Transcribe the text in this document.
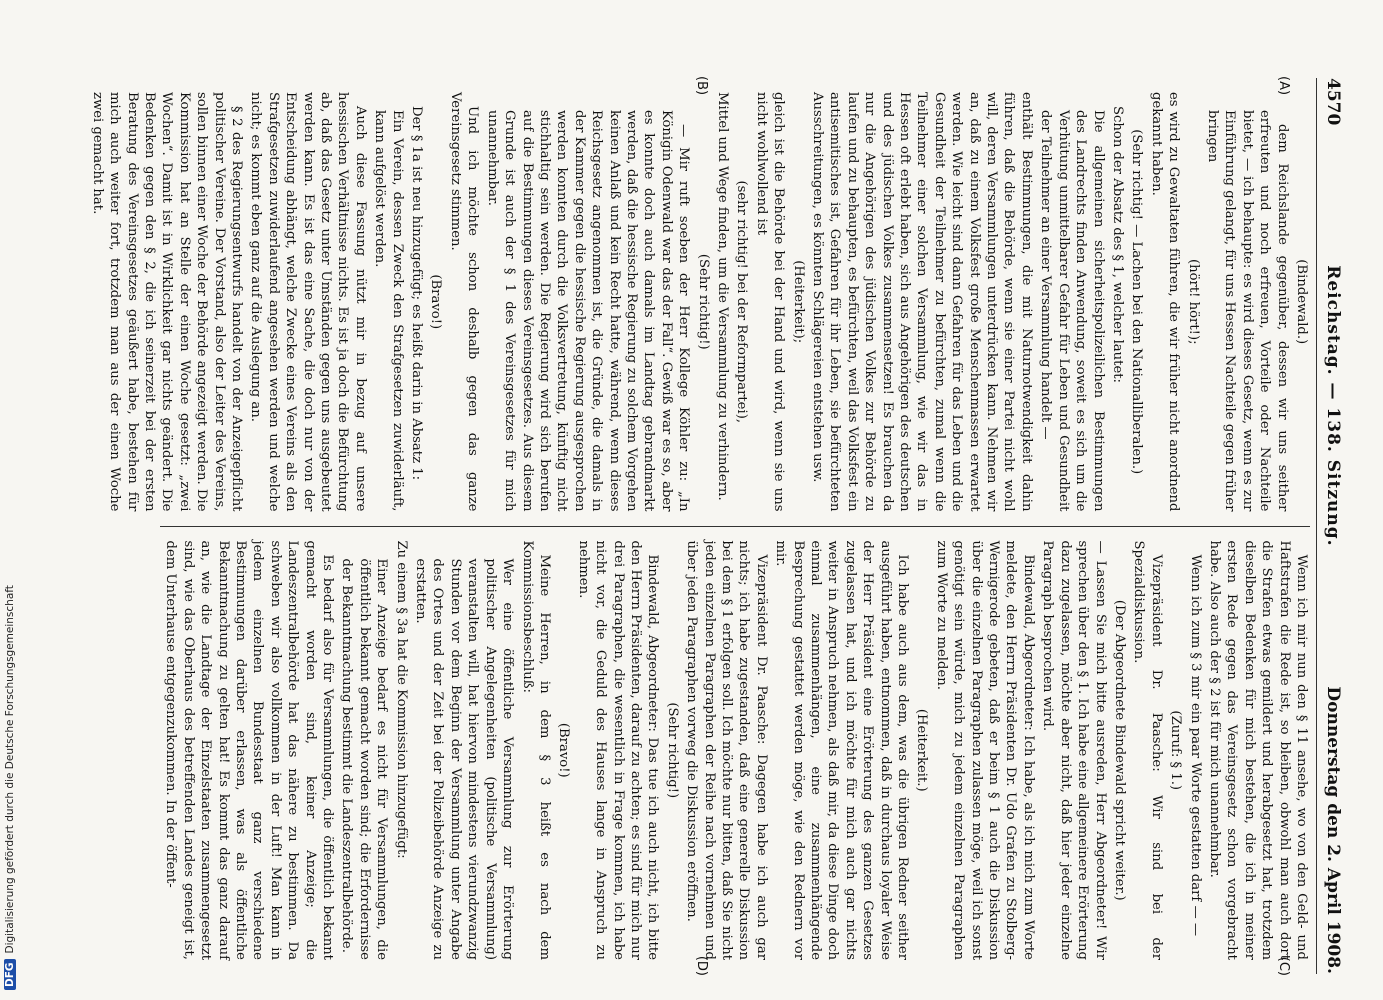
DFGDigitalisierung gefördert durch die Deutsche Forschungsgemeinschaft
4570
Reichstag. — 138. Sitzung.
Donnerstag den 2. April 1908.
(A)
(B)

(Bindewald.)

dem Reichslande gegenüber, dessen wir uns seither erfreuten und noch erfreuen, Vorteile oder Nachteile bietet, — ich behaupte: es wird dieses Gesetz, wenn es zur Einführung gelangt, für uns Hessen Nachteile gegen früher bringen

(hört! hört!);

es wird zu Gewaltaten führen, die wir früher nicht anordnend gekannt haben.

(Sehr richtig! — Lachen bei den Nationalliberalen.)

Schon der Absatz des § 1, welcher lautet:

Die allgemeinen sicherheitspolizeilichen Bestimmungen des Landrechts finden Anwendung, soweit es sich um die Verhütung unmittelbarer Gefahr für Leben und Gesundheit der Teilnehmer an einer Versammlung handelt —

enthält Bestimmungen, die mit Naturnotwendigkeit dahin führen, daß die Behörde, wenn sie einer Partei nicht wohl will, deren Versammlungen unterdrücken kann. Nehmen wir an, daß zu einem Volksfest große Menschenmassen erwartet werden. Wie leicht sind dann Gefahren für das Leben und die Gesundheit der Teilnehmer zu befürchten, zumal wenn die Teilnehmer einer solchen Versammlung, wie wir das in Hessen oft erlebt haben, sich aus Angehörigen des deutschen und des jüdischen Volkes zusammensetzen! Es brauchen da nur die Angehörigen des jüdischen Volkes zur Behörde zu laufen und zu behaupten, es befürchten, weil das Volksfest ein antisemitisches ist, Gefahren für ihr Leben, sie befürchteten Ausschreitungen, es könnten Schlägereien entstehen usw.

(Heiterkeit);

gleich ist die Behörde bei der Hand und wird, wenn sie uns nicht wohlwollend ist

(sehr richtig! bei der Reformpartei),

Mittel und Wege finden, um die Versammlung zu verhindern.

(Sehr richtig!)

— Mir ruft soeben der Herr Kollege Köhler zu: „In Königin Odenwald war das der Fall“. Gewiß war es so, aber es konnte doch auch damals im Landtag gebrandmarkt werden, daß die hessische Regierung zu solchem Vorgehen keinen Anlaß und kein Recht hatte, während, wenn dieses Reichsgesetz angenommen ist, die Gründe, die damals in der Kammer gegen die hessische Regierung ausgesprochen werden konnten durch die Volksvertretung, künftig nicht stichhaltig sein werden. Die Regierung wird sich berufen auf die Bestimmungen dieses Vereinsgesetzes. Aus diesem Grunde ist auch der § 1 des Vereinsgesetzes für mich unannehmbar.

Und ich möchte schon deshalb gegen das ganze Vereinsgesetz stimmen.

(Bravo!)

Der § 1a ist neu hinzugefügt; es heißt darin in Absatz 1:

Ein Verein, dessen Zweck den Strafgesetzen zuwiderläuft, kann aufgelöst werden.

Auch diese Fassung nützt mir in bezug auf unsere hessischen Verhältnisse nichts. Es ist ja doch die Befürchtung ab, daß das Gesetz unter Umständen gegen uns ausgebeutet werden kann. Es ist das eine Sache, die doch nur von der Entscheidung abhängt, welche Zwecke eines Vereins als den Strafgesetzen zuwiderlaufend angesehen werden und welche nicht; es kommt eben ganz auf die Auslegung an.

§ 2 des Regierungsentwurfs handelt von der Anzeigepflicht politischer Vereine. Der Vorstand, also der Leiter des Vereins, sollen binnen einer Woche der Behörde angezeigt werden. Die Kommission hat an Stelle der einen Woche gesetzt: „zwei Wochen“. Damit ist in Wirklichkeit gar nichts geändert. Die Bedenken gegen den § 2, die ich seinerzeit bei der ersten Beratung des Vereinsgesetzes geäußert habe, bestehen für mich auch weiter fort, trotzdem man aus der einen Woche zwei gemacht hat.

(C)
(D)

Wenn ich mir nun den § 11 ansehe, wo von den Geld- und Haftstrafen die Rede ist, so bleiben, obwohl man auch dort die Strafen etwas gemildert und herabgesetzt hat, trotzdem dieselben Bedenken für mich bestehen, die ich in meiner ersten Rede gegen das Vereinsgesetz schon vorgebracht habe. Also auch der § 2 ist für mich unannehmbar.

Wenn ich zum § 3 mir ein paar Worte gestatten darf — —

(Zuruf: § 1.)

Vizepräsident Dr. Paasche: Wir sind bei der Spezialdiskussion.

(Der Abgeordnete Bindewald spricht weiter.)

— Lassen Sie mich bitte ausreden, Herr Abgeordneter! Wir sprechen über den § 1. Ich habe eine allgemeinere Erörterung dazu zugelassen, möchte aber nicht, daß hier jeder einzelne Paragraph besprochen wird.

Bindewald, Abgeordneter: Ich habe, als ich mich zum Worte meldete, den Herrn Präsidenten Dr. Udo Grafen zu Stolberg-Wernigerode gebeten, daß er beim § 1 auch die Diskussion über die einzelnen Paragraphen zulassen möge, weil ich sonst genötigt sein würde, mich zu jedem einzelnen Paragraphen zum Worte zu melden.

(Heiterkeit.)

Ich habe auch aus dem, was die übrigen Redner seither ausgeführt haben, entnommen, daß in durchaus loyaler Weise der Herr Präsident eine Erörterung des ganzen Gesetzes zugelassen hat, und ich möchte für mich auch gar nichts weiter in Anspruch nehmen, als daß mir, da diese Dinge doch einmal zusammenhängen, eine zusammenhängende Besprechung gestattet werden möge, wie den Rednern vor mir.

Vizepräsident Dr. Paasche: Dagegen habe ich auch gar nichts; ich habe zugestanden, daß eine generelle Diskussion bei dem § 1 erfolgen soll. Ich möchte nur bitten, daß Sie nicht jeden einzelnen Paragraphen der Reihe nach vornehmen und über jeden Paragraphen vorweg die Diskussion eröffnen.

(Sehr richtig!)

Bindewald, Abgeordneter: Das tue ich auch nicht, ich bitte den Herrn Präsidenten, darauf zu achten; es sind für mich nur drei Paragraphen, die wesentlich in Frage kommen, ich habe nicht vor, die Geduld des Hauses lange in Anspruch zu nehmen.

(Bravo!)

Meine Herren, in dem § 3 heißt es nach dem Kommissionsbeschluß:

Wer eine öffentliche Versammlung zur Erörterung politischer Angelegenheiten (politische Versammlung) veranstalten will, hat hiervon mindestens vierundzwanzig Stunden vor dem Beginn der Versammlung unter Angabe des Ortes und der Zeit bei der Polizeibehörde Anzeige zu erstatten.

Zu einem § 3a hat die Kommission hinzugefügt:

Einer Anzeige bedarf es nicht für Versammlungen, die öffentlich bekannt gemacht worden sind; die Erfordernisse der Bekanntmachung bestimmt die Landeszentralbehörde.

Es bedarf also für Versammlungen, die öffentlich bekannt gemacht worden sind, keiner Anzeige; die Landeszentralbehörde hat das nähere zu bestimmen. Da schweben wir also vollkommen in der Luft! Man kann in jedem einzelnen Bundesstaat ganz verschiedene Bestimmungen darüber erlassen, was als öffentliche Bekanntmachung zu gelten hat! Es kommt das ganz darauf an, wie die Landtage der Einzelstaaten zusammengesetzt sind, wie das Oberhaus des betreffenden Landes geneigt ist, dem Unterhause entgegenzukommen. In der öffent-
